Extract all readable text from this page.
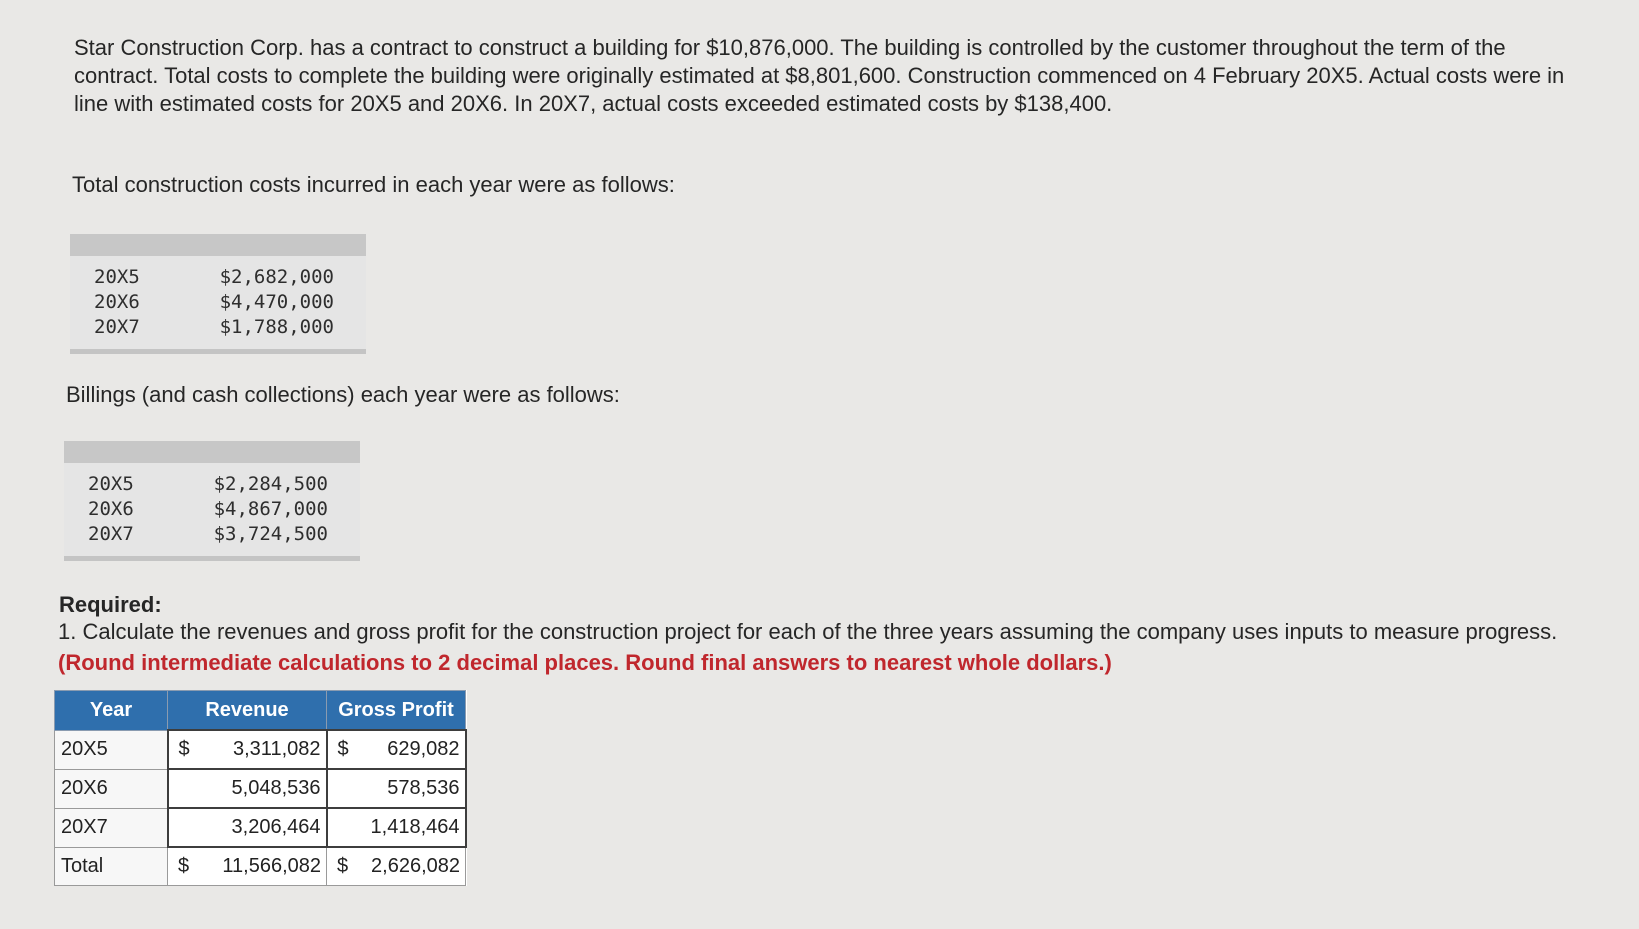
Star Construction Corp. has a contract to construct a building for $10,876,000. The building is controlled by the customer throughout the term of the contract. Total costs to complete the building were originally estimated at $8,801,600. Construction commenced on 4 February 20X5. Actual costs were in line with estimated costs for 20X5 and 20X6. In 20X7, actual costs exceeded estimated costs by $138,400.

Total construction costs incurred in each year were as follows:

20X5	$2,682,000
20X6	$4,470,000
20X7	$1,788,000

Billings (and cash collections) each year were as follows:

20X5	$2,284,500
20X6	$4,867,000
20X7	$3,724,500

Required:

1. Calculate the revenues and gross profit for the construction project for each of the three years assuming the company uses inputs to measure progress. (Round intermediate calculations to 2 decimal places. Round final answers to nearest whole dollars.)

Year	Revenue	Gross Profit
20X5	$ 3,311,082	$ 629,082
20X6	5,048,536	578,536
20X7	3,206,464	1,418,464
Total	$ 11,566,082	$ 2,626,082
